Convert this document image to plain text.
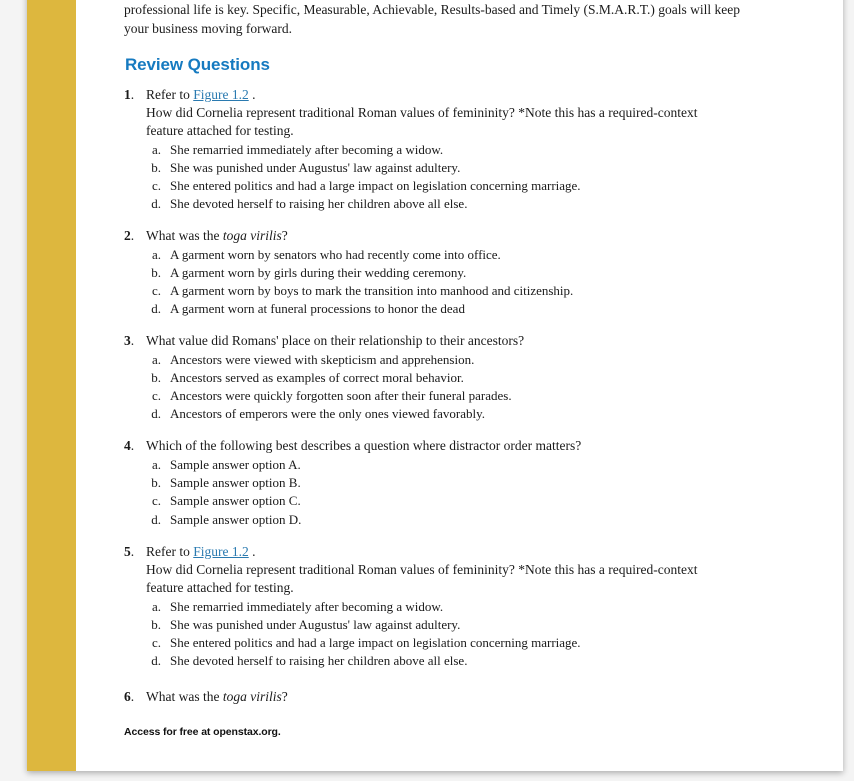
professional life is key. Specific, Measurable, Achievable, Results-based and Timely (S.M.A.R.T.) goals will keep your business moving forward.

Review Questions
1. Refer to Figure 1.2 .
How did Cornelia represent traditional Roman values of femininity? *Note this has a required-context
feature attached for testing.
a. She remarried immediately after becoming a widow.
b. She was punished under Augustus' law against adultery.
c. She entered politics and had a large impact on legislation concerning marriage.
d. She devoted herself to raising her children above all else.
2. What was the toga virilis?
a. A garment worn by senators who had recently come into office.
b. A garment worn by girls during their wedding ceremony.
c. A garment worn by boys to mark the transition into manhood and citizenship.
d. A garment worn at funeral processions to honor the dead
3. What value did Romans' place on their relationship to their ancestors?
a. Ancestors were viewed with skepticism and apprehension.
b. Ancestors served as examples of correct moral behavior.
c. Ancestors were quickly forgotten soon after their funeral parades.
d. Ancestors of emperors were the only ones viewed favorably.
4. Which of the following best describes a question where distractor order matters?
a. Sample answer option A.
b. Sample answer option B.
c. Sample answer option C.
d. Sample answer option D.
5. Refer to Figure 1.2 .
How did Cornelia represent traditional Roman values of femininity? *Note this has a required-context
feature attached for testing.
a. She remarried immediately after becoming a widow.
b. She was punished under Augustus' law against adultery.
c. She entered politics and had a large impact on legislation concerning marriage.
d. She devoted herself to raising her children above all else.
6. What was the toga virilis?
Access for free at openstax.org.
